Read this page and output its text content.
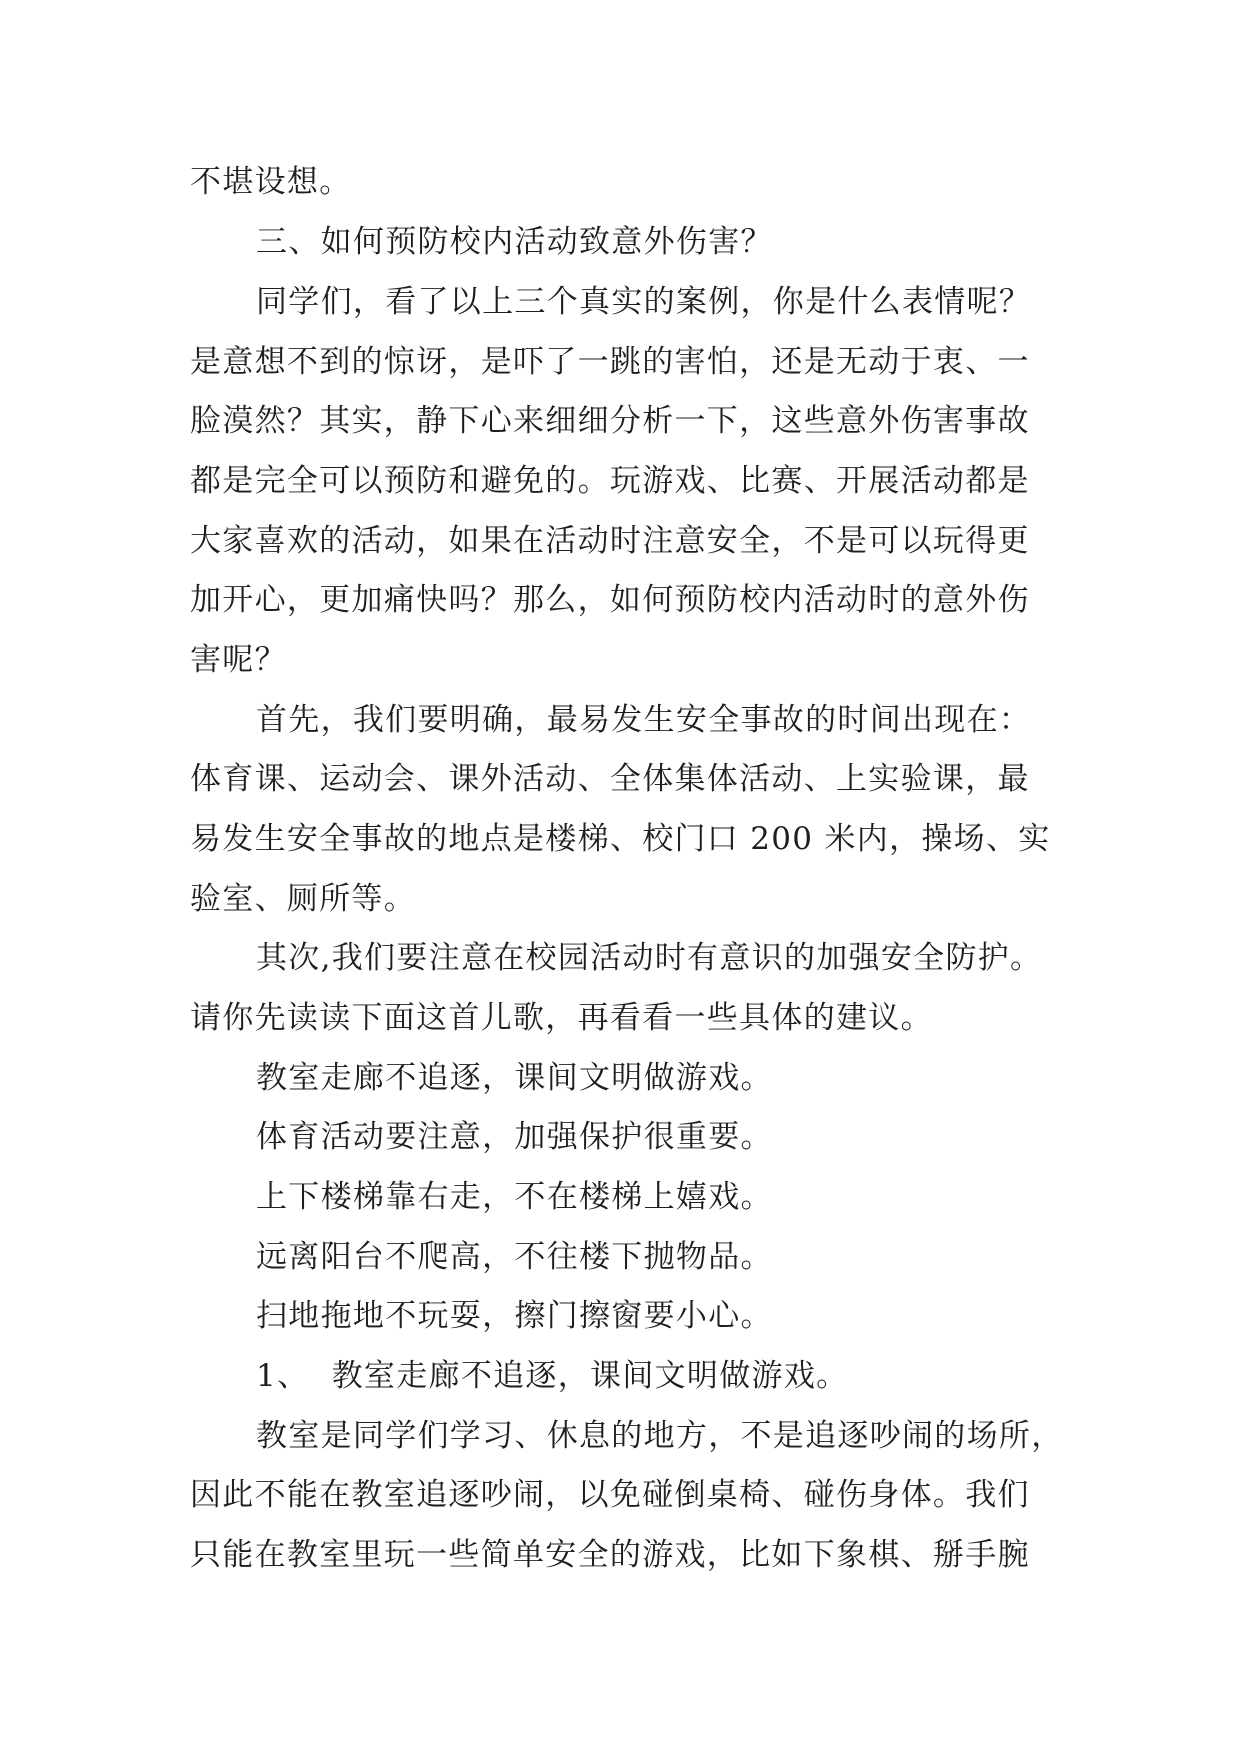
不堪设想。
三、如何预防校内活动致意外伤害？
同学们，看了以上三个真实的案例，你是什么表情呢？
是意想不到的惊讶，是吓了一跳的害怕，还是无动于衷、一
脸漠然？其实，静下心来细细分析一下，这些意外伤害事故
都是完全可以预防和避免的。玩游戏、比赛、开展活动都是
大家喜欢的活动，如果在活动时注意安全，不是可以玩得更
加开心，更加痛快吗？那么，如何预防校内活动时的意外伤
害呢？
首先，我们要明确，最易发生安全事故的时间出现在：
体育课、运动会、课外活动、全体集体活动、上实验课，最
易发生安全事故的地点是楼梯、校门口 200 米内，操场、实
验室、厕所等。
其次,我们要注意在校园活动时有意识的加强安全防护。
请你先读读下面这首儿歌，再看看一些具体的建议。
教室走廊不追逐，课间文明做游戏。
体育活动要注意，加强保护很重要。
上下楼梯靠右走，不在楼梯上嬉戏。
远离阳台不爬高，不往楼下抛物品。
扫地拖地不玩耍，擦门擦窗要小心。
1、  教室走廊不追逐，课间文明做游戏。
教室是同学们学习、休息的地方，不是追逐吵闹的场所，
因此不能在教室追逐吵闹，以免碰倒桌椅、碰伤身体。我们
只能在教室里玩一些简单安全的游戏，比如下象棋、掰手腕
